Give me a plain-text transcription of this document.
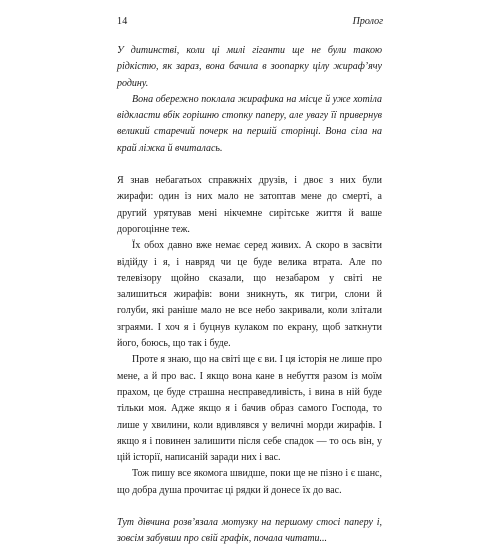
14	Пролог

У дитинстві, коли ці милі гіганти ще не були такою рідкістю, як зараз, вона бачила в зоопарку цілу жирафʼячу родину.

Вона обережно поклала жирафика на місце й уже хотіла відкласти вбік горішню стопку паперу, але увагу її привернув великий старечий почерк на першій сторінці. Вона сіла на край ліжка й вчиталась.

Я знав небагатьох справжніх друзів, і двоє з них були жирафи: один із них мало не затоптав мене до смерті, а другий урятував мені нікчемне сирітське життя й ваше дорогоцінне теж.

Їх обох давно вже немає серед живих. А скоро в засвіти відійду і я, і навряд чи це буде велика втрата. Але по телевізору щойно сказали, що незабаром у світі не залишиться жирафів: вони зникнуть, як тигри, слони й голуби, які раніше мало не все небо закривали, коли злітали зграями. І хоч я і буцнув кулаком по екрану, щоб заткнути його, боюсь, що так і буде.

Проте я знаю, що на світі ще є ви. І ця історія не лише про мене, а й про вас. І якщо вона кане в небуття разом із моїм прахом, це буде страшна несправедливість, і вина в ній буде тільки моя. Адже якщо я і бачив образ самого Господа, то лише у хвилини, коли вдивлявся у величні морди жирафів. І якщо я і повинен залишити після себе спадок — то ось він, у цій історії, написаній заради них і вас.

Тож пишу все якомога швидше, поки ще не пізно і є шанс, що добра душа прочитає ці рядки й донесе їх до вас.

Тут дівчина розвʼязала мотузку на першому стосі паперу і, зовсім забувши про свій графік, почала читати...
